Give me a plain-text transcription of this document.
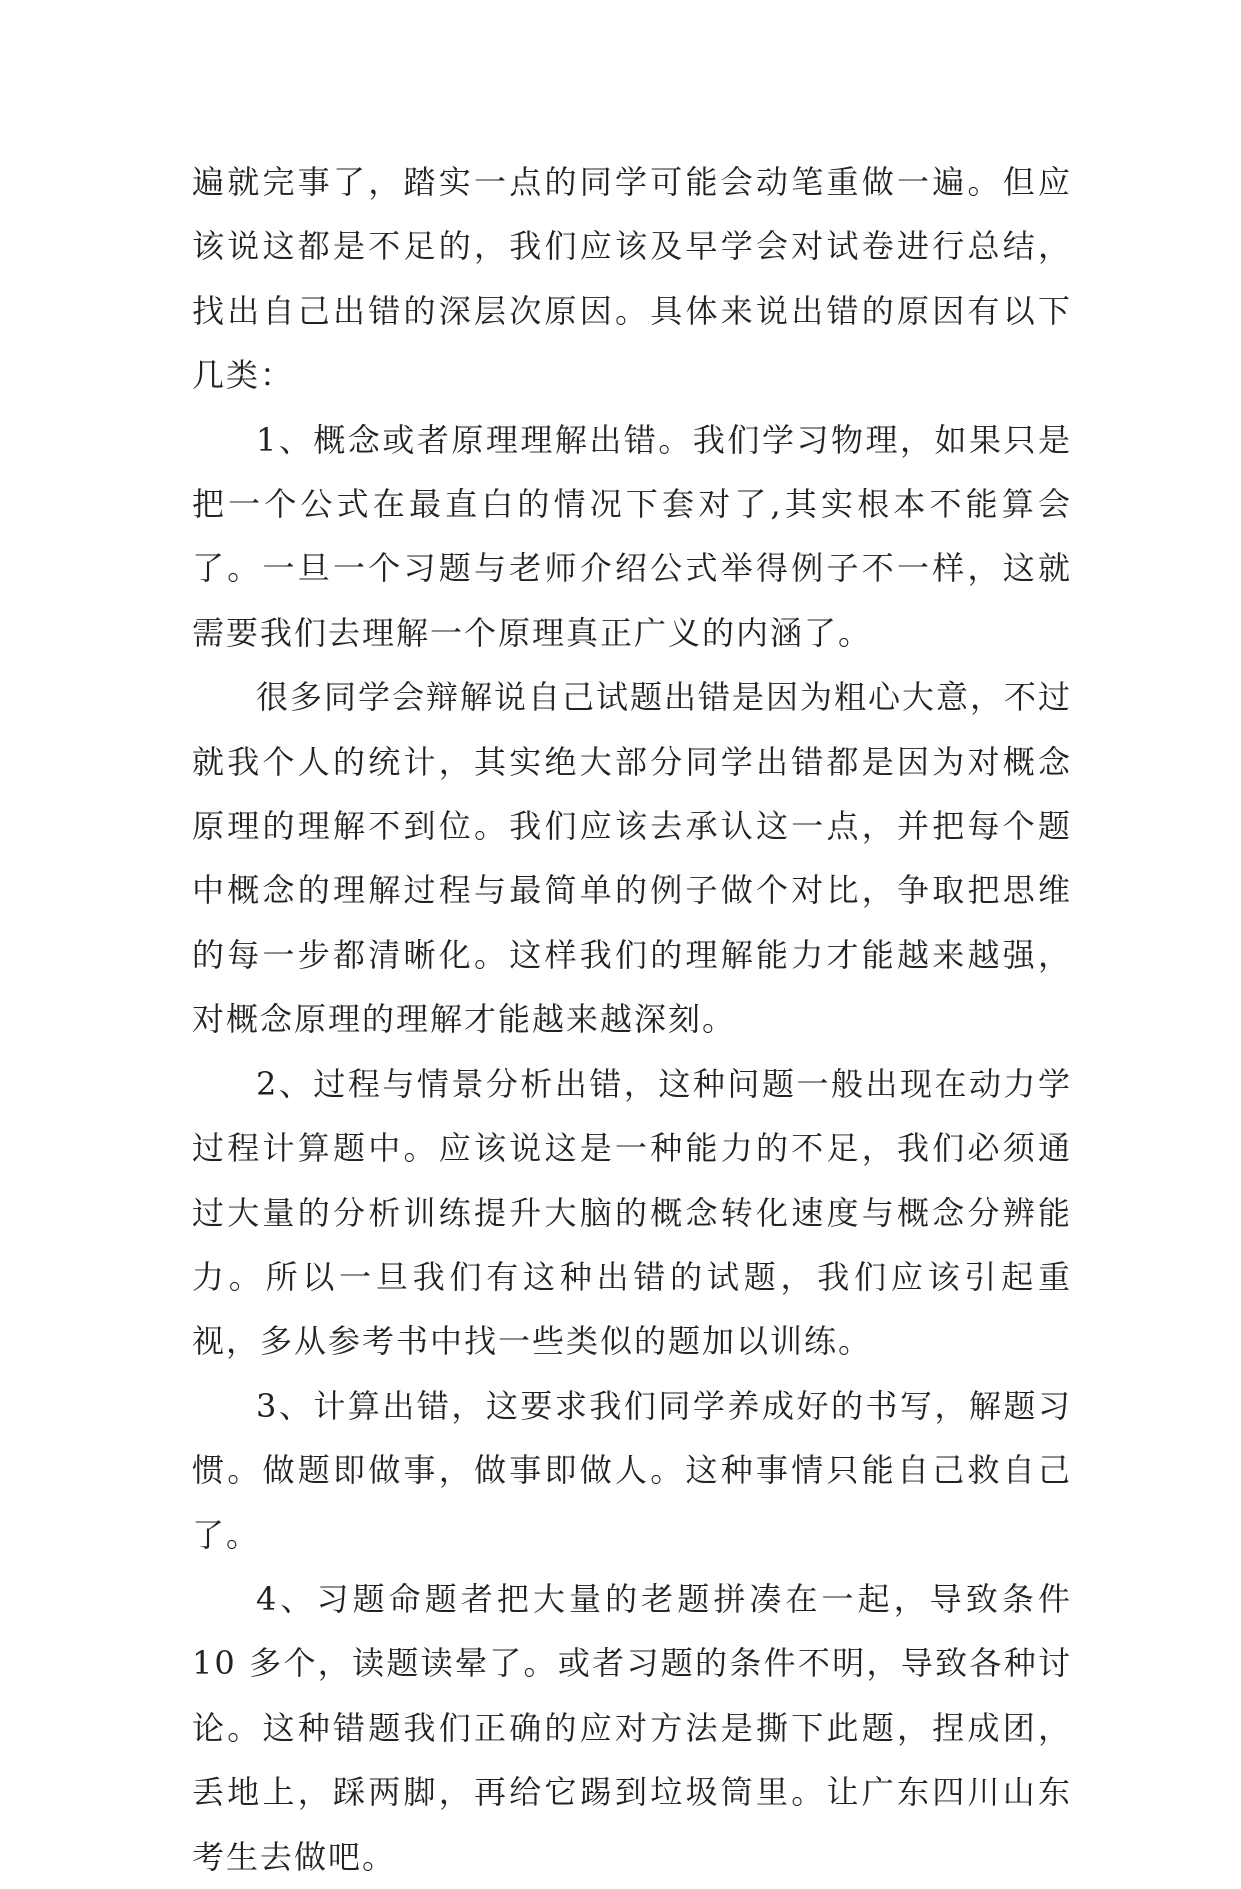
遍就完事了，踏实一点的同学可能会动笔重做一遍。但应该说这都是不足的，我们应该及早学会对试卷进行总结，找出自己出错的深层次原因。具体来说出错的原因有以下几类：

1、概念或者原理理解出错。我们学习物理，如果只是把一个公式在最直白的情况下套对了,其实根本不能算会了。一旦一个习题与老师介绍公式举得例子不一样，这就需要我们去理解一个原理真正广义的内涵了。

很多同学会辩解说自己试题出错是因为粗心大意，不过就我个人的统计，其实绝大部分同学出错都是因为对概念原理的理解不到位。我们应该去承认这一点，并把每个题中概念的理解过程与最简单的例子做个对比，争取把思维的每一步都清晰化。这样我们的理解能力才能越来越强，对概念原理的理解才能越来越深刻。

2、过程与情景分析出错，这种问题一般出现在动力学过程计算题中。应该说这是一种能力的不足，我们必须通过大量的分析训练提升大脑的概念转化速度与概念分辨能力。所以一旦我们有这种出错的试题，我们应该引起重视，多从参考书中找一些类似的题加以训练。

3、计算出错，这要求我们同学养成好的书写，解题习惯。做题即做事，做事即做人。这种事情只能自己救自己了。

4、习题命题者把大量的老题拼凑在一起，导致条件 10 多个，读题读晕了。或者习题的条件不明，导致各种讨论。这种错题我们正确的应对方法是撕下此题，捏成团，丢地上，踩两脚，再给它踢到垃圾筒里。让广东四川山东考生去做吧。
